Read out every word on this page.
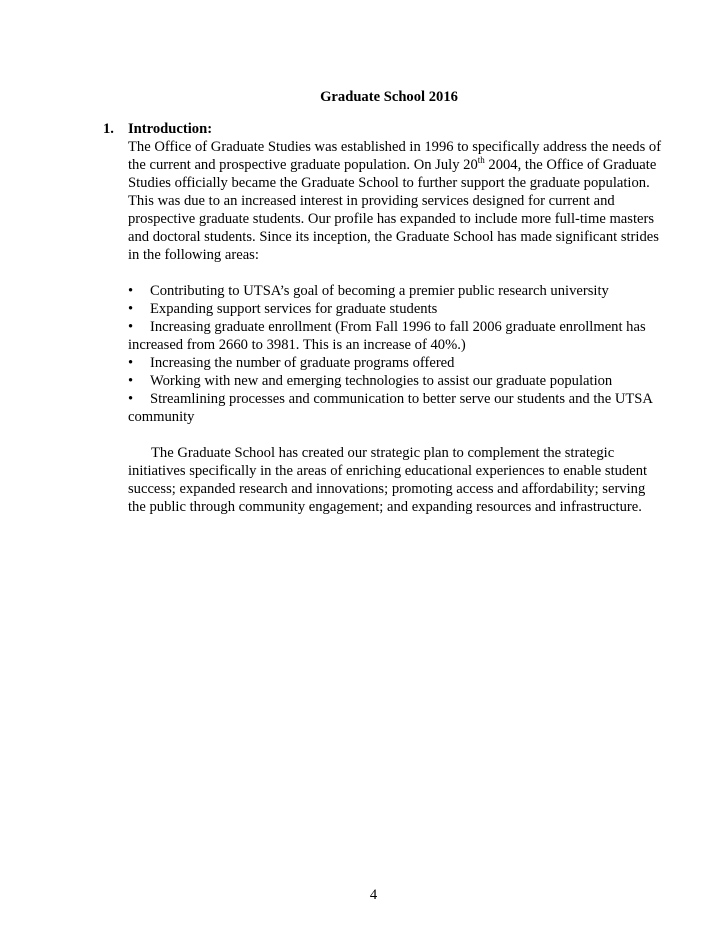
Graduate School 2016
1. Introduction:
The Office of Graduate Studies was established in 1996 to specifically address the needs of the current and prospective graduate population. On July 20th 2004, the Office of Graduate Studies officially became the Graduate School to further support the graduate population. This was due to an increased interest in providing services designed for current and prospective graduate students. Our profile has expanded to include more full-time masters and doctoral students. Since its inception, the Graduate School has made significant strides in the following areas:
•	Contributing to UTSA’s goal of becoming a premier public research university
•	Expanding support services for graduate students
• Increasing graduate enrollment (From Fall 1996 to fall 2006 graduate enrollment has increased from 2660 to 3981. This is an increase of 40%.)
•	Increasing the number of graduate programs offered
•	Working with new and emerging technologies to assist our graduate population
• Streamlining processes and communication to better serve our students and the UTSA community
The Graduate School has created our strategic plan to complement the strategic initiatives specifically in the areas of enriching educational experiences to enable student success; expanded research and innovations; promoting access and affordability; serving the public through community engagement; and expanding resources and infrastructure.
4
